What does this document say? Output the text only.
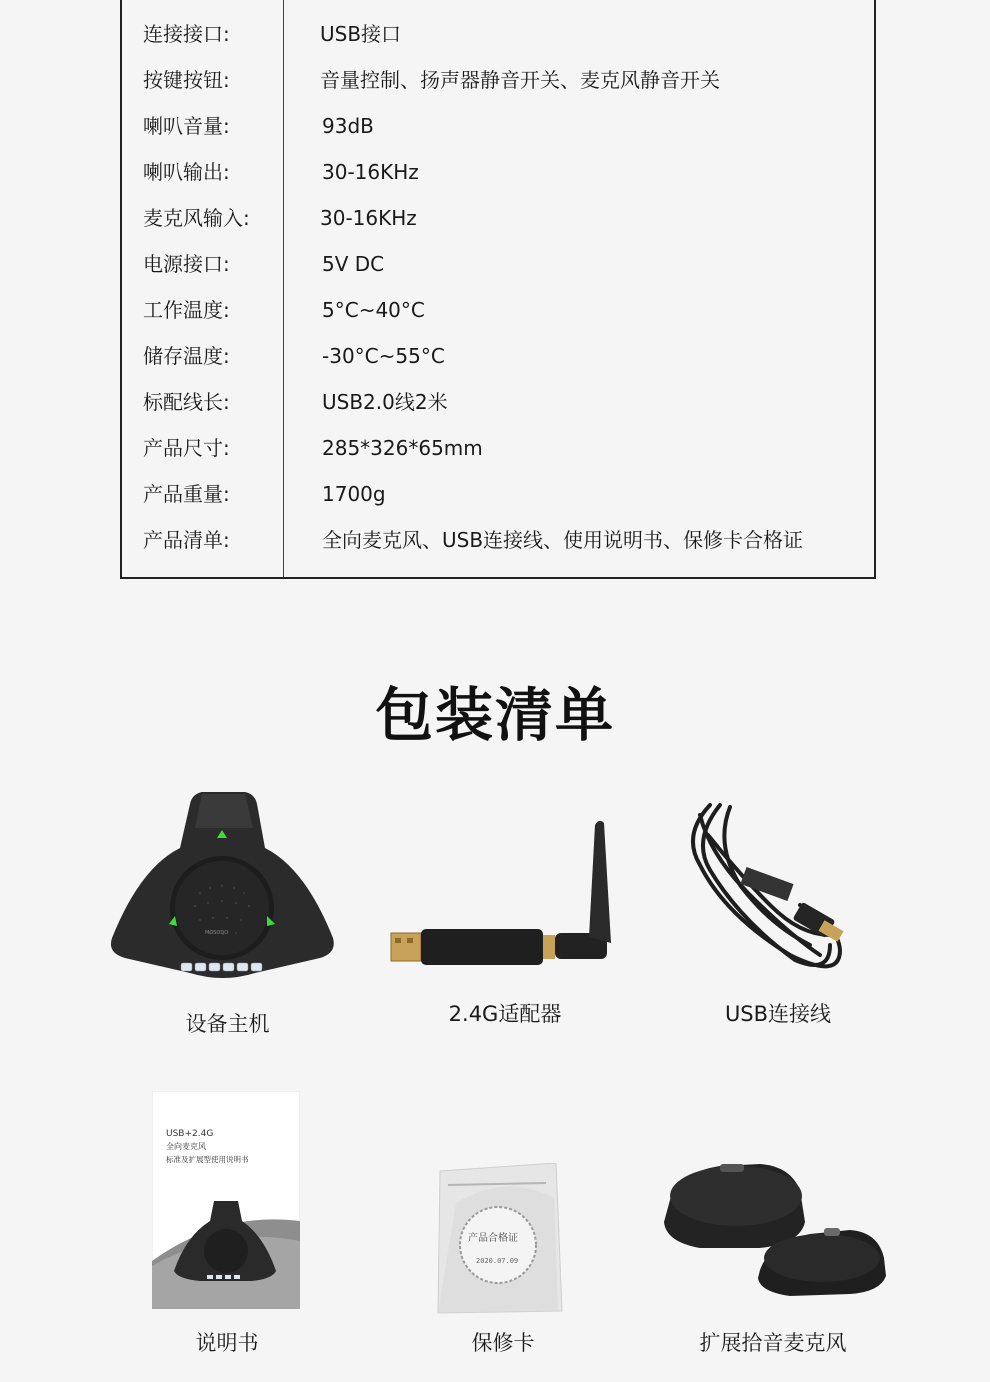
连接接口:	USB接口
按键按钮:	音量控制、扬声器静音开关、麦克风静音开关
喇叭音量:	93dB
喇叭输出:	30-16KHz
麦克风输入:	30-16KHz
电源接口:	5V DC
工作温度:	5°C~40°C
储存温度:	-30°C~55°C
标配线长:	USB2.0线2米
产品尺寸:	285*326*65mm
产品重量:	1700g
产品清单:	全向麦克风、USB连接线、使用说明书、保修卡合格证
包装清单
MOSODO
设备主机	2.4G适配器	USB连接线
USB+2.4G
全向麦克风
标准及扩展型使用说明书
说明书
产品合格证
2020.07.09
保修卡	扩展拾音麦克风
